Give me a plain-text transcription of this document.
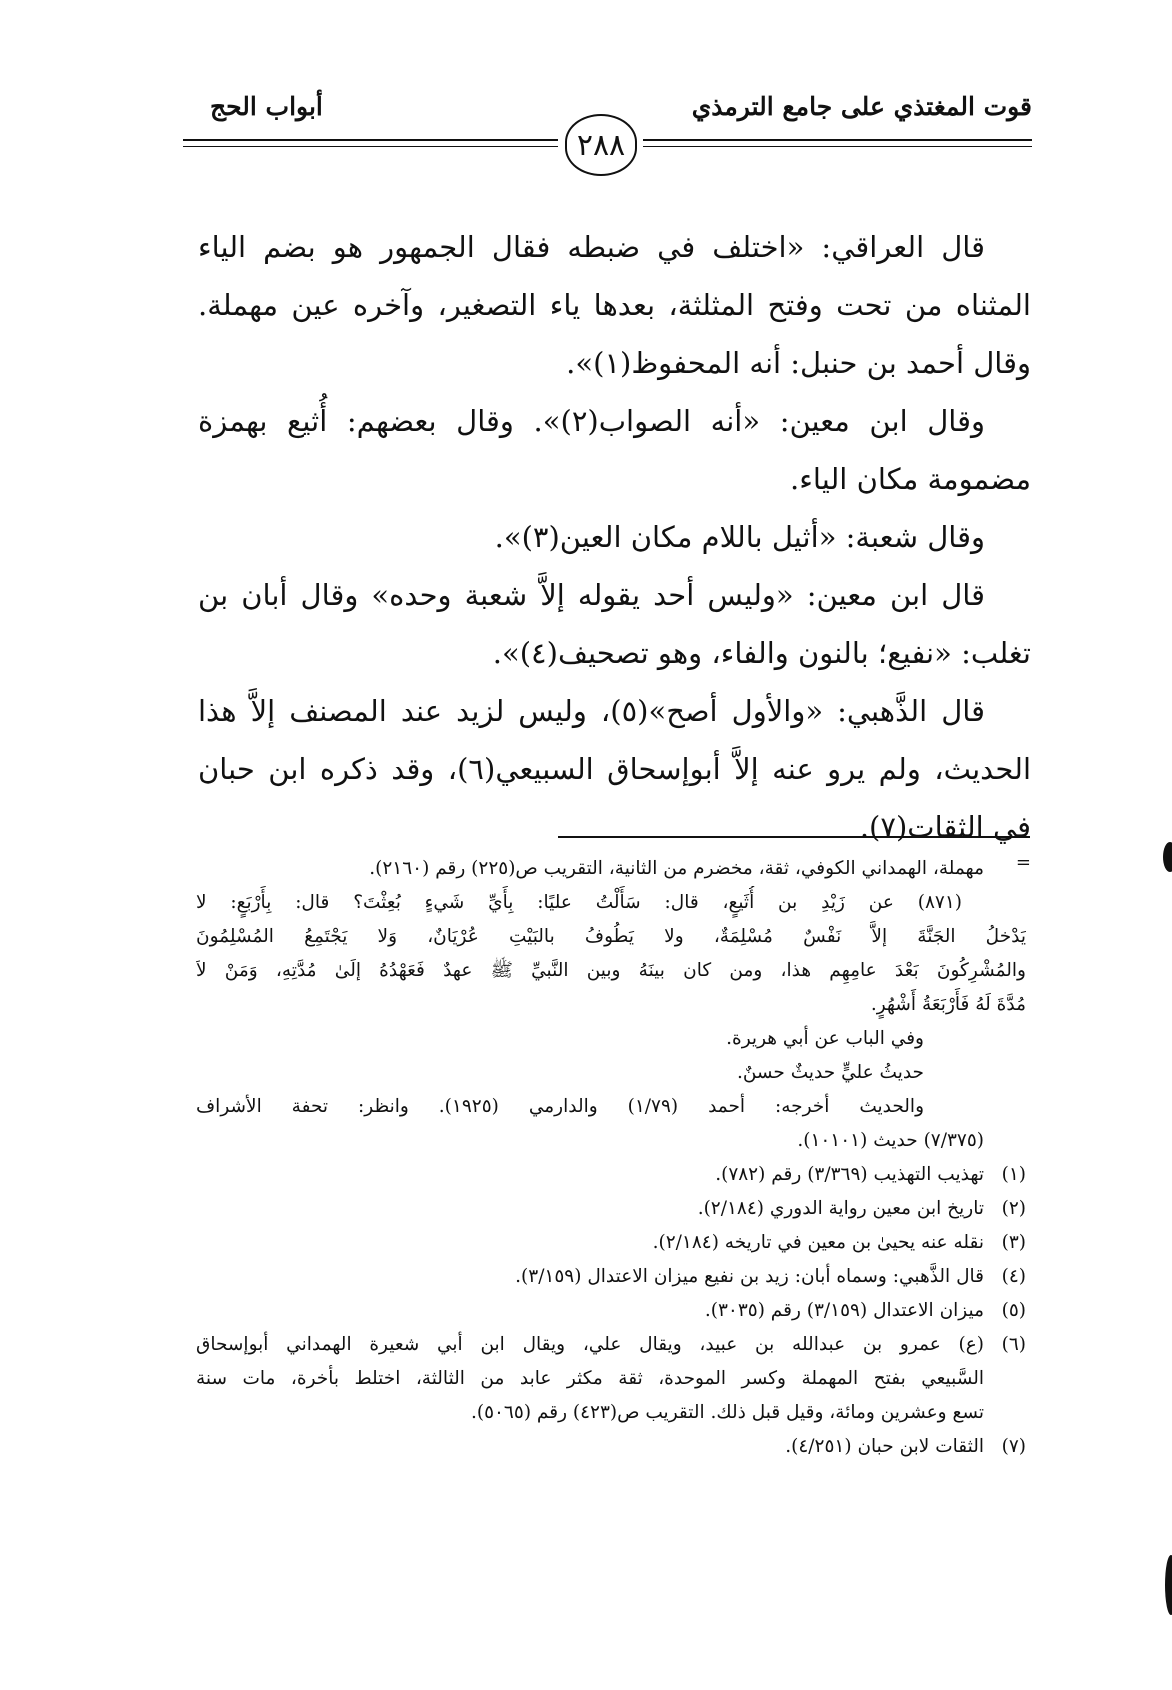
قوت المغتذي على جامع الترمذي
أبواب الحج
٢٨٨
قال العراقي: «اختلف في ضبطه فقال الجمهور هو بضم الياء
المثناه من تحت وفتح المثلثة، بعدها ياء التصغير، وآخره عين مهملة.
وقال أحمد بن حنبل: أنه المحفوظ(١)».
وقال ابن معين: «أنه الصواب(٢)». وقال بعضهم: أُثيع بهمزة
مضمومة مكان الياء.
وقال شعبة: «أثيل باللام مكان العين(٣)».
قال ابن معين: «وليس أحد يقوله إلاَّ شعبة وحده» وقال أبان بن
تغلب: «نفيع؛ بالنون والفاء، وهو تصحيف(٤)».
قال الذَّهبي: «والأول أصح»(٥)، وليس لزيد عند المصنف إلاَّ هذا
الحديث، ولم يرو عنه إلاَّ أبوإسحاق السبيعي(٦)، وقد ذكره ابن حبان
في الثقات(٧).
=
مهملة، الهمداني الكوفي، ثقة، مخضرم من الثانية، التقريب ص(٢٢٥) رقم (٢١٦٠).
(٨٧١) عن زَيْدِ بن أُثَيعٍ، قال: سَأَلْتُ عليًا: بِأَيِّ شَيءٍ بُعِثْتَ؟ قال: بِأَرْبَعٍ: لا
يَدْخلُ الجَنَّةَ إلاَّ نَفْسٌ مُسْلِمَةٌ، ولا يَطُوفُ بالبَيْتِ عُرْيَانٌ، وَلا يَجْتَمِعُ المُسْلِمُونَ
والمُشْرِكُونَ بَعْدَ عامِهِم هذا، ومن كان بينَهُ وبين النَّبيِّ ﷺ عهدٌ فَعَهْدُهُ إلَىٰ مُدَّتِهِ، وَمَنْ لاَ
مُدَّةَ لَهُ فَأَرْبَعَةُ أَشْهُرٍ.
وفي الباب عن أبي هريرة.
حديثُ عليٍّ حديثٌ حسنٌ.
والحديث أخرجه: أحمد (١/٧٩) والدارمي (١٩٢٥). وانظر: تحفة الأشراف
(٧/٣٧٥) حديث (١٠١٠١).
(١)تهذيب التهذيب (٣/٣٦٩) رقم (٧٨٢).
(٢)تاريخ ابن معين رواية الدوري (٢/١٨٤).
(٣)نقله عنه يحيىٰ بن معين في تاريخه (٢/١٨٤).
(٤)قال الذَّهبي: وسماه أبان: زيد بن نفيع ميزان الاعتدال (٣/١٥٩).
(٥)ميزان الاعتدال (٣/١٥٩) رقم (٣٠٣٥).
(٦)(ع) عمرو بن عبدالله بن عبيد، ويقال علي، ويقال ابن أبي شعيرة الهمداني أبوإسحاق
السَّبيعي بفتح المهملة وكسر الموحدة، ثقة مكثر عابد من الثالثة، اختلط بأخرة، مات سنة
تسع وعشرين ومائة، وقيل قبل ذلك. التقريب ص(٤٢٣) رقم (٥٠٦٥).
(٧)الثقات لابن حبان (٤/٢٥١).
